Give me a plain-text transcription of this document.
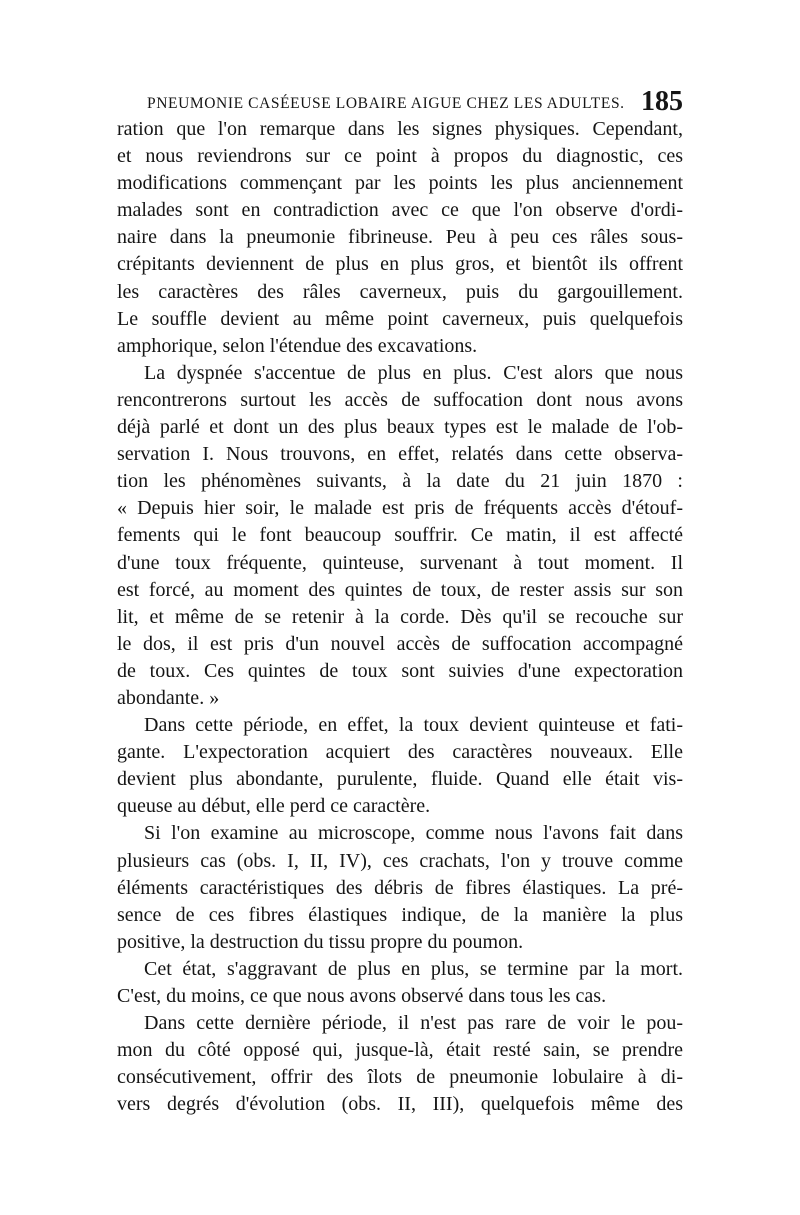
PNEUMONIE CASÉEUSE LOBAIRE AIGUE CHEZ LES ADULTES. 185
ration que l'on remarque dans les signes physiques. Cependant,
et nous reviendrons sur ce point à propos du diagnostic, ces
modifications commençant par les points les plus anciennement
malades sont en contradiction avec ce que l'on observe d'ordi-
naire dans la pneumonie fibrineuse. Peu à peu ces râles sous-
crépitants deviennent de plus en plus gros, et bientôt ils offrent
les caractères des râles caverneux, puis du gargouillement.
Le souffle devient au même point caverneux, puis quelquefois
amphorique, selon l'étendue des excavations.
La dyspnée s'accentue de plus en plus. C'est alors que nous
rencontrerons surtout les accès de suffocation dont nous avons
déjà parlé et dont un des plus beaux types est le malade de l'ob-
servation I. Nous trouvons, en effet, relatés dans cette observa-
tion les phénomènes suivants, à la date du 21 juin 1870 :
« Depuis hier soir, le malade est pris de fréquents accès d'étouf-
fements qui le font beaucoup souffrir. Ce matin, il est affecté
d'une toux fréquente, quinteuse, survenant à tout moment. Il
est forcé, au moment des quintes de toux, de rester assis sur son
lit, et même de se retenir à la corde. Dès qu'il se recouche sur
le dos, il est pris d'un nouvel accès de suffocation accompagné
de toux. Ces quintes de toux sont suivies d'une expectoration
abondante. »
Dans cette période, en effet, la toux devient quinteuse et fati-
gante. L'expectoration acquiert des caractères nouveaux. Elle
devient plus abondante, purulente, fluide. Quand elle était vis-
queuse au début, elle perd ce caractère.
Si l'on examine au microscope, comme nous l'avons fait dans
plusieurs cas (obs. I, II, IV), ces crachats, l'on y trouve comme
éléments caractéristiques des débris de fibres élastiques. La pré-
sence de ces fibres élastiques indique, de la manière la plus
positive, la destruction du tissu propre du poumon.
Cet état, s'aggravant de plus en plus, se termine par la mort.
C'est, du moins, ce que nous avons observé dans tous les cas.
Dans cette dernière période, il n'est pas rare de voir le pou-
mon du côté opposé qui, jusque-là, était resté sain, se prendre
consécutivement, offrir des îlots de pneumonie lobulaire à di-
vers degrés d'évolution (obs. II, III), quelquefois même des
